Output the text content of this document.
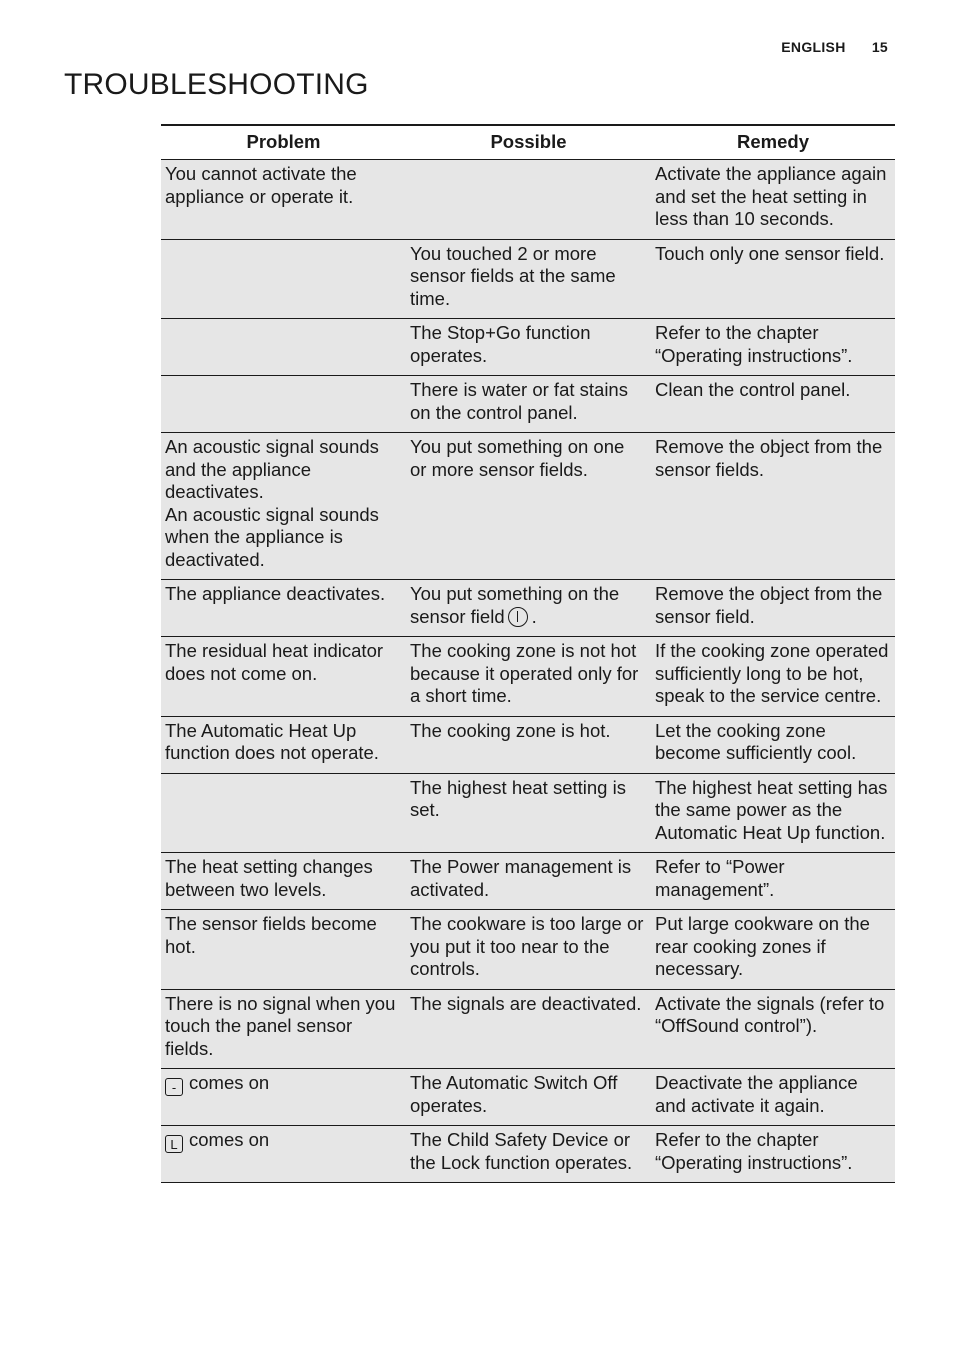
ENGLISH 15
TROUBLESHOOTING
Problem	Possible	Remedy
You cannot activate the appliance or operate it.		Activate the appliance again and set the heat setting in less than 10 seconds.
	You touched 2 or more sensor fields at the same time.	Touch only one sensor field.
	The Stop+Go function operates.	Refer to the chapter “Operating instructions”.
	There is water or fat stains on the control panel.	Clean the control panel.

An acoustic signal sounds and the appliance deactivates.
An acoustic signal sounds when the appliance is deactivated.	You put something on one or more sensor fields.	Remove the object from the sensor fields.
The appliance deactivates.	You put something on the sensor field .	Remove the object from the sensor field.
The residual heat indicator does not come on.	The cooking zone is not hot because it operated only for a short time.	If the cooking zone operated sufficiently long to be hot, speak to the service centre.
The Automatic Heat Up function does not operate.	The cooking zone is hot.	Let the cooking zone become sufficiently cool.
	The highest heat setting is set.	The highest heat setting has the same power as the Automatic Heat Up function.
The heat setting changes between two levels.	The Power management is activated.	Refer to “Power management”.
The sensor fields become hot.	The cookware is too large or you put it too near to the controls.	Put large cookware on the rear cooking zones if necessary.
There is no signal when you touch the panel sensor fields.	The signals are deactivated.	Activate the signals (refer to “OffSound control”).
- comes on	The Automatic Switch Off operates.	Deactivate the appliance and activate it again.
L comes on	The Child Safety Device or the Lock function operates.	Refer to the chapter “Operating instructions”.
